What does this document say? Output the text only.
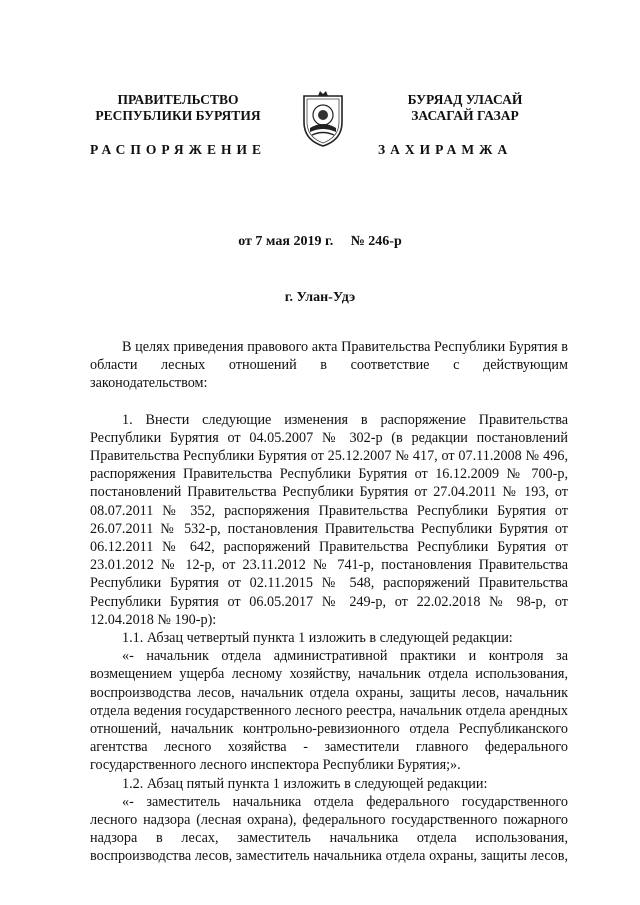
ПРАВИТЕЛЬСТВО
РЕСПУБЛИКИ БУРЯТИЯ
БУРЯАД УЛАСАЙ
ЗАСАГАЙ ГАЗАР
РАСПОРЯЖЕНИЕ	ЗАХИРАМЖА
от 7 мая 2019 г. № 246-р
г. Улан-Удэ

В целях приведения правового акта Правительства Республики Бурятия в области лесных отношений в соответствие с действующим законодательством:

1. Внести следующие изменения в распоряжение Правительства Республики Бурятия от 04.05.2007 № 302-р (в редакции постановлений Правительства Республики Бурятия от 25.12.2007 № 417, от 07.11.2008 № 496, распоряжения Правительства Республики Бурятия от 16.12.2009 № 700-р, постановлений Правительства Республики Бурятия от 27.04.2011 № 193, от 08.07.2011 № 352, распоряжения Правительства Республики Бурятия от 26.07.2011 № 532-р, постановления Правительства Республики Бурятия от 06.12.2011 № 642, распоряжений Правительства Республики Бурятия от 23.01.2012 № 12-р, от 23.11.2012 № 741-р, постановления Правительства Республики Бурятия от 02.11.2015 № 548, распоряжений Правительства Республики Бурятия от 06.05.2017 № 249-р, от 22.02.2018 № 98-р, от 12.04.2018 № 190-р):

1.1. Абзац четвертый пункта 1 изложить в следующей редакции:

«- начальник отдела административной практики и контроля за возмещением ущерба лесному хозяйству, начальник отдела использования, воспроизводства лесов, начальник отдела охраны, защиты лесов, начальник отдела ведения государственного лесного реестра, начальник отдела арендных отношений, начальник контрольно-ревизионного отдела Республиканского агентства лесного хозяйства - заместители главного федерального государственного лесного инспектора Республики Бурятия;».

1.2. Абзац пятый пункта 1 изложить в следующей редакции:

«- заместитель начальника отдела федерального государственного лесного надзора (лесная охрана), федерального государственного пожарного надзора в лесах, заместитель начальника отдела использования, воспроизводства лесов, заместитель начальника отдела охраны, защиты лесов,
